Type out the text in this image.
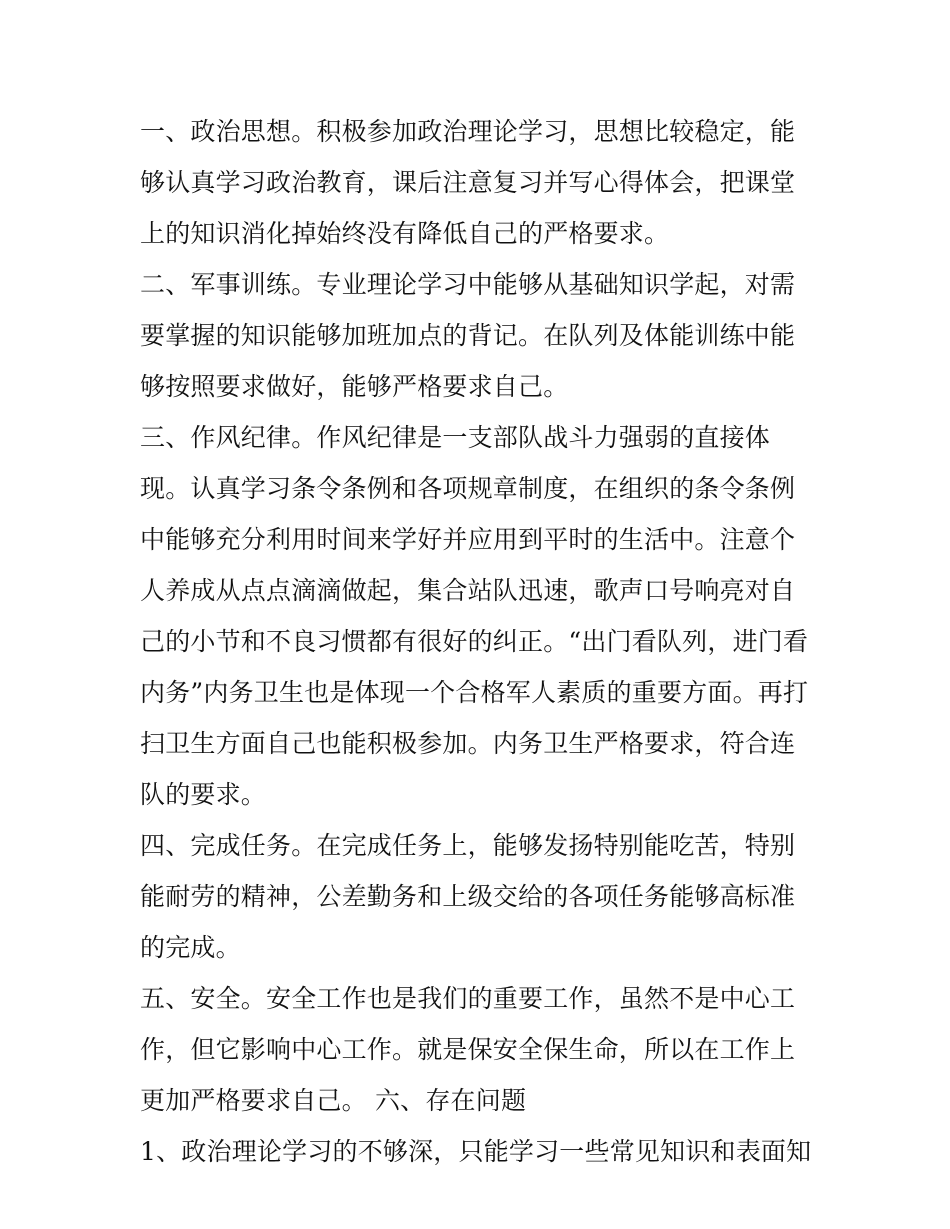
一、政治思想。积极参加政治理论学习，思想比较稳定，能够认真学习政治教育，课后注意复习并写心得体会，把课堂上的知识消化掉始终没有降低自己的严格要求。

二、军事训练。专业理论学习中能够从基础知识学起，对需要掌握的知识能够加班加点的背记。在队列及体能训练中能够按照要求做好，能够严格要求自己。

三、作风纪律。作风纪律是一支部队战斗力强弱的直接体现。认真学习条令条例和各项规章制度，在组织的条令条例中能够充分利用时间来学好并应用到平时的生活中。注意个人养成从点点滴滴做起，集合站队迅速，歌声口号响亮对自己的小节和不良习惯都有很好的纠正。“出门看队列，进门看内务”内务卫生也是体现一个合格军人素质的重要方面。再打扫卫生方面自己也能积极参加。内务卫生严格要求，符合连队的要求。

四、完成任务。在完成任务上，能够发扬特别能吃苦，特别能耐劳的精神，公差勤务和上级交给的各项任务能够高标准的完成。

五、安全。安全工作也是我们的重要工作，虽然不是中心工作，但它影响中心工作。就是保安全保生命，所以在工作上更加严格要求自己。 六、存在问题

1、政治理论学习的不够深，只能学习一些常见知识和表面知
